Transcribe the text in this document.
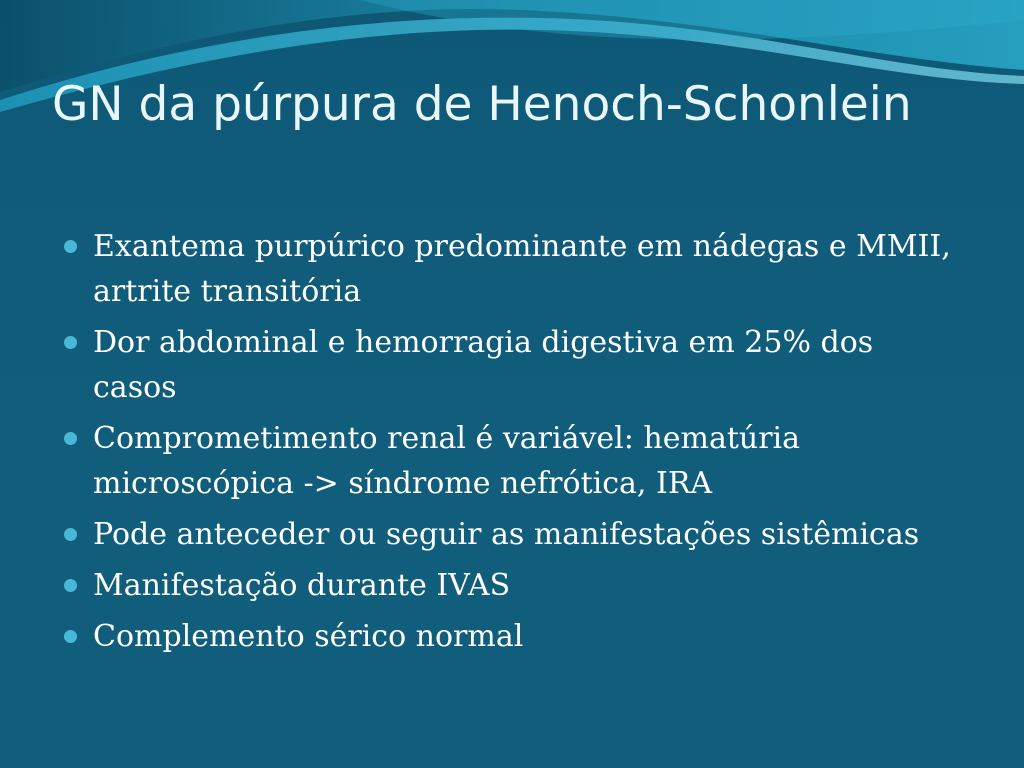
GN da púrpura de Henoch-Schonlein
Exantema purpúrico predominante em nádegas e MMII, artrite transitória
Dor abdominal e hemorragia digestiva em 25% dos casos
Comprometimento renal é variável: hematúria microscópica -> síndrome nefrótica, IRA
Pode anteceder ou seguir as manifestações sistêmicas
Manifestação durante IVAS
Complemento sérico normal
